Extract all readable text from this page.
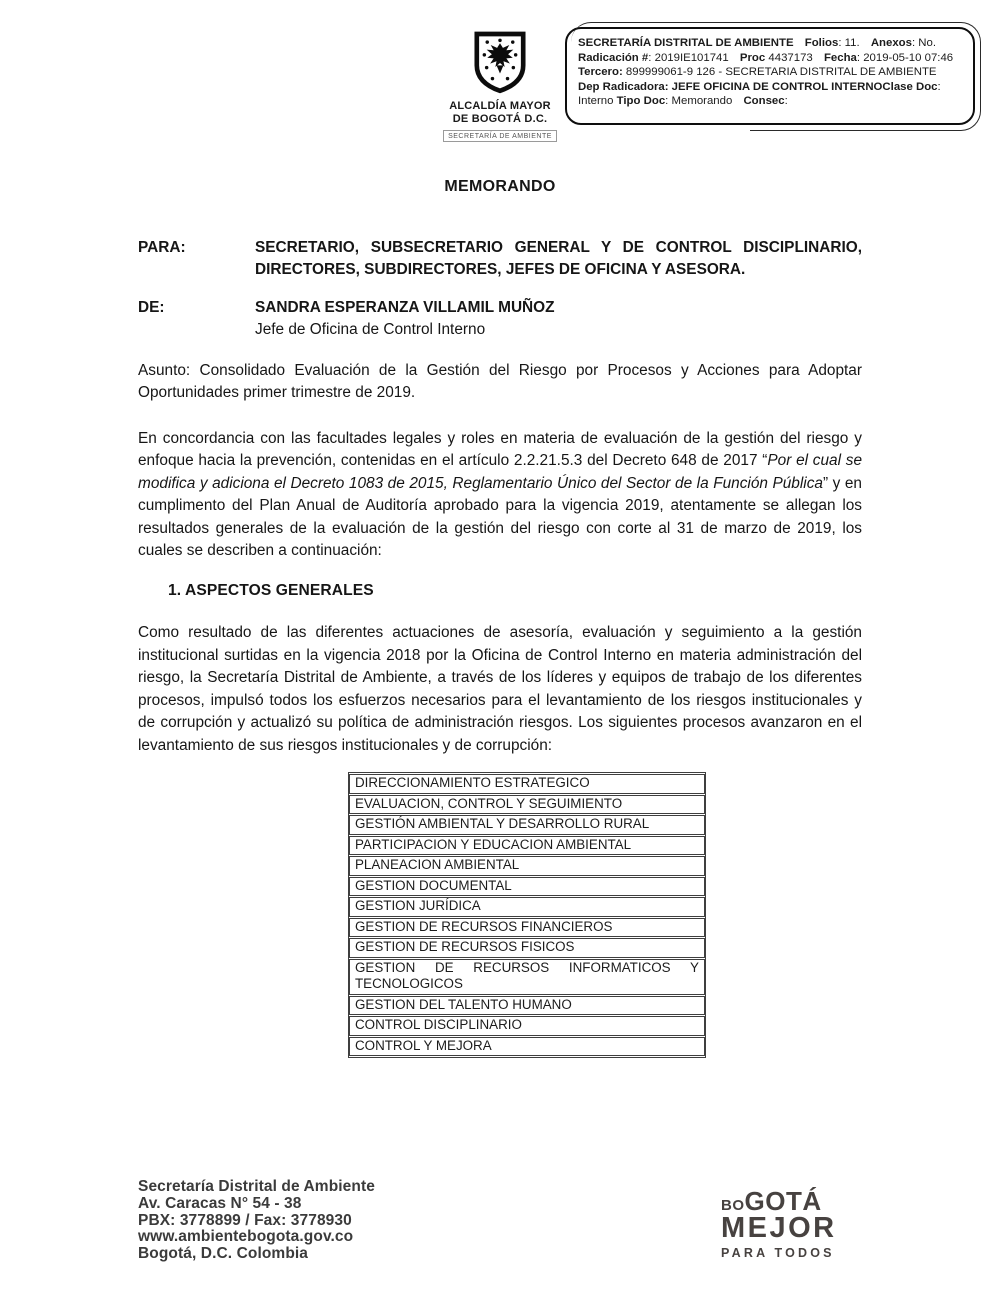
ALCALDÍA MAYOR
DE BOGOTÁ D.C.
SECRETARÍA DE AMBIENTE
SECRETARÍA DISTRITAL DE AMBIENTE Folios: 11. Anexos: No.
Radicación #: 2019IE101741 Proc 4437173 Fecha: 2019-05-10 07:46
Tercero: 899999061-9 126 - SECRETARIA DISTRITAL DE AMBIENTE
Dep Radicadora: JEFE OFICINA DE CONTROL INTERNOClase Doc:
Interno Tipo Doc: Memorando Consec:
MEMORANDO
PARA:	SECRETARIO, SUBSECRETARIO GENERAL Y DE CONTROL DISCIPLINARIO, DIRECTORES, SUBDIRECTORES, JEFES DE OFICINA Y ASESORA.
DE:	SANDRA ESPERANZA VILLAMIL MUÑOZ
Jefe de Oficina de Control Interno

Asunto: Consolidado Evaluación de la Gestión del Riesgo por Procesos y Acciones para Adoptar Oportunidades primer trimestre de 2019.

En concordancia con las facultades legales y roles en materia de evaluación de la gestión del riesgo y enfoque hacia la prevención, contenidas en el artículo 2.2.21.5.3 del Decreto 648 de 2017 “Por el cual se modifica y adiciona el Decreto 1083 de 2015, Reglamentario Único del Sector de la Función Pública” y en cumplimento del Plan Anual de Auditoría aprobado para la vigencia 2019, atentamente se allegan los resultados generales de la evaluación de la gestión del riesgo con corte al 31 de marzo de 2019, los cuales se describen a continuación:

1. ASPECTOS GENERALES

Como resultado de las diferentes actuaciones de asesoría, evaluación y seguimiento a la gestión institucional surtidas en la vigencia 2018 por la Oficina de Control Interno en materia administración del riesgo, la Secretaría Distrital de Ambiente, a través de los líderes y equipos de trabajo de los diferentes procesos, impulsó todos los esfuerzos necesarios para el levantamiento de los riesgos institucionales y de corrupción y actualizó su política de administración riesgos. Los siguientes procesos avanzaron en el levantamiento de sus riesgos institucionales y de corrupción:

DIRECCIONAMIENTO ESTRATEGICO
EVALUACION, CONTROL Y SEGUIMIENTO
GESTIÓN AMBIENTAL Y DESARROLLO RURAL
PARTICIPACION Y EDUCACION AMBIENTAL
PLANEACION AMBIENTAL
GESTION DOCUMENTAL
GESTION JURÍDICA
GESTION DE RECURSOS FINANCIEROS
GESTION DE RECURSOS FISICOS
GESTION DE RECURSOS INFORMATICOS Y TECNOLOGICOS
GESTION DEL TALENTO HUMANO
CONTROL DISCIPLINARIO
CONTROL Y MEJORA
Secretaría Distrital de Ambiente
Av. Caracas N° 54 - 38
PBX: 3778899 / Fax: 3778930
www.ambientebogota.gov.co
Bogotá, D.C. Colombia
BO GOTÁ
MEJOR
PARA TODOS
